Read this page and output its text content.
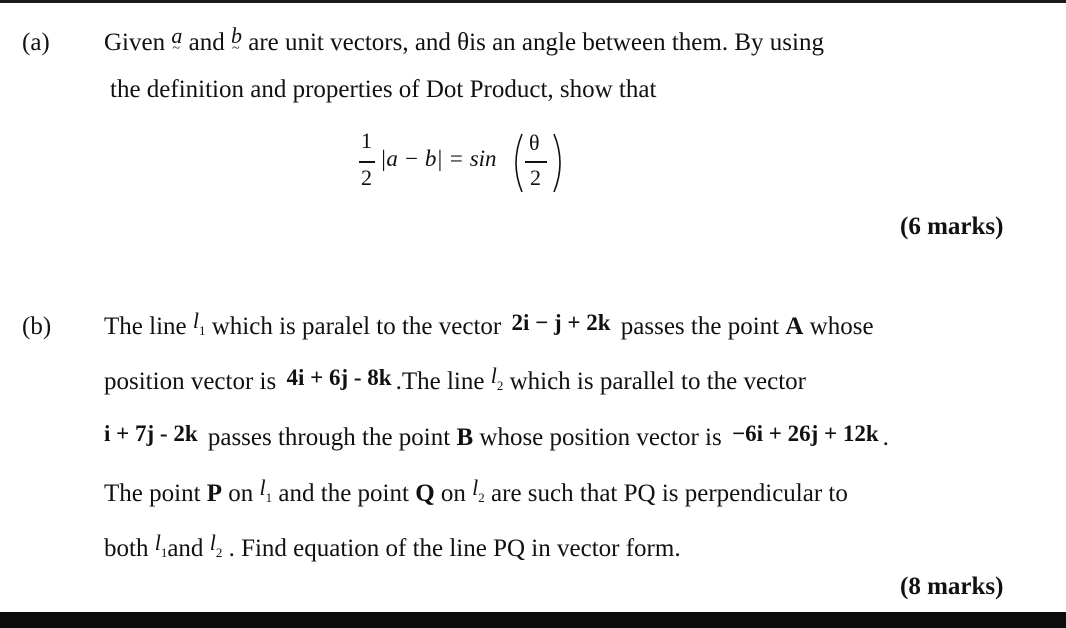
(a) Given a ~ and b ~ are unit vectors, and θis an angle between them. By using
the definition and properties of Dot Product, show that
1
2
|a − b| = sin
θ
2
(6 marks)
(b) The line $l_1$ which is paralel to the vector 2i − j + 2k passes the point A whose
position vector is 4i + 6j - 8k .The line $l_2$ which is parallel to the vector
i + 7j - 2k passes through the point B whose position vector is −6i + 26j + 12k .
The point P on $l_1$ and the point Q on $l_2$ are such that PQ is perpendicular to
both $l_1and$ $l_2$ . Find equation of the line PQ in vector form.
(8 marks)
